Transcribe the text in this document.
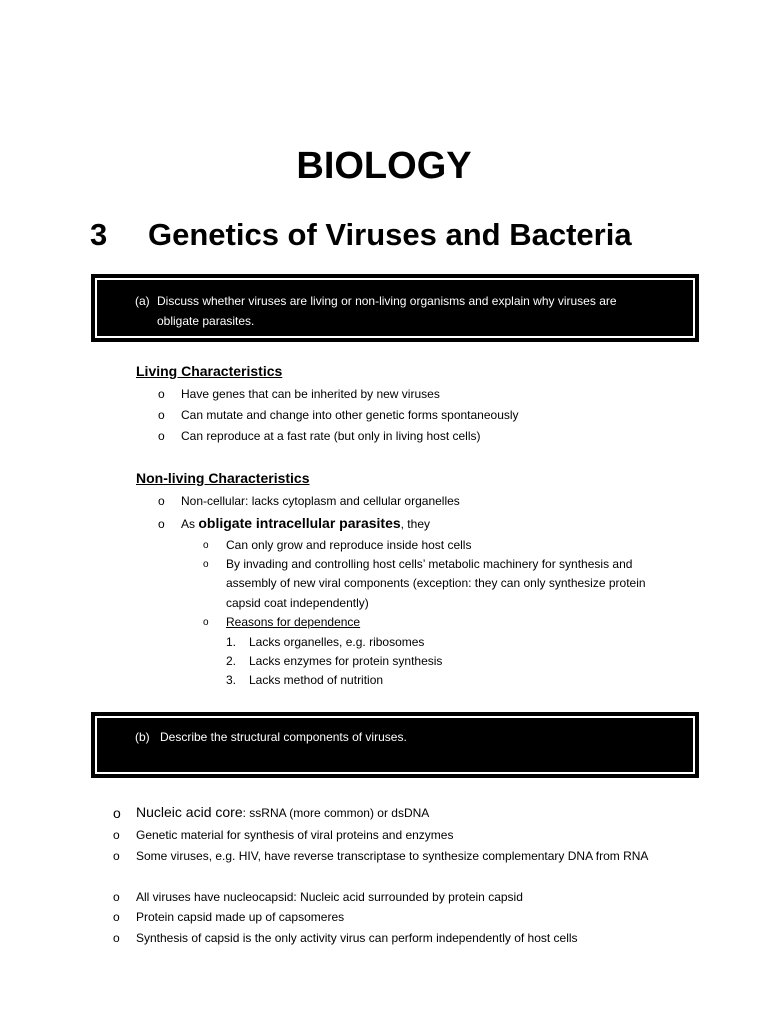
BIOLOGY
3 Genetics of Viruses and Bacteria
(a) Discuss whether viruses are living or non-living organisms and explain why viruses are
obligate parasites.
Living Characteristics
o Have genes that can be inherited by new viruses
o Can mutate and change into other genetic forms spontaneously
o Can reproduce at a fast rate (but only in living host cells)
Non-living Characteristics
o Non-cellular: lacks cytoplasm and cellular organelles
o As obligate intracellular parasites, they
o Can only grow and reproduce inside host cells
o By invading and controlling host cells’ metabolic machinery for synthesis and
assembly of new viral components (exception: they can only synthesize protein
capsid coat independently)
o Reasons for dependence
1. Lacks organelles, e.g. ribosomes
2. Lacks enzymes for protein synthesis
3. Lacks method of nutrition
(b) Describe the structural components of viruses.
o Nucleic acid core: ssRNA (more common) or dsDNA
o Genetic material for synthesis of viral proteins and enzymes
o Some viruses, e.g. HIV, have reverse transcriptase to synthesize complementary DNA from RNA
o All viruses have nucleocapsid: Nucleic acid surrounded by protein capsid
o Protein capsid made up of capsomeres
o Synthesis of capsid is the only activity virus can perform independently of host cells
